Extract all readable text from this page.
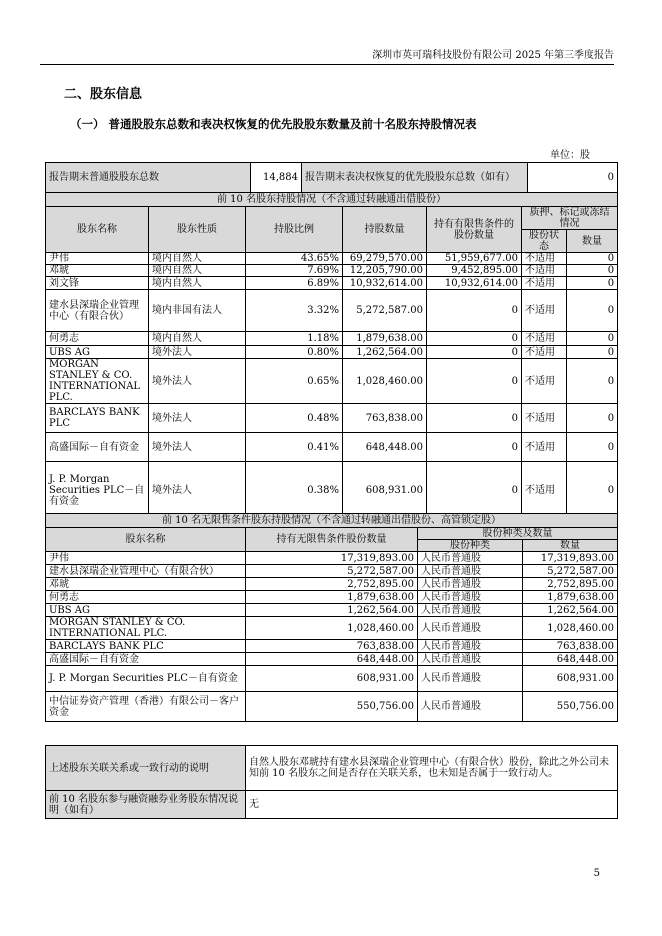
深圳市英可瑞科技股份有限公司 2025 年第三季度报告
二、股东信息
（一） 普通股股东总数和表决权恢复的优先股股东数量及前十名股东持股情况表
单位：股
报告期末普通股股东总数	14,884	报告期末表决权恢复的优先股股东总数（如有）	0
前 10 名股东持股情况（不含通过转融通出借股份）						
股东名称	股东性质	持股比例	持股数量	持有有限售条件的股份数量	质押、标记或冻结情况	
					股份状态	数量
尹伟	境内自然人	43.65%	69,279,570.00	51,959,677.00	不适用	0
邓琥	境内自然人	7.69%	12,205,790.00	9,452,895.00	不适用	0
刘文锋	境内自然人	6.89%	10,932,614.00	10,932,614.00	不适用	0
建水县深瑞企业管理中心（有限合伙）	境内非国有法人	3.32%	5,272,587.00	0	不适用	0
何勇志	境内自然人	1.18%	1,879,638.00	0	不适用	0
UBS AG	境外法人	0.80%	1,262,564.00	0	不适用	0
MORGAN STANLEY & CO. INTERNATIONAL PLC.	境外法人	0.65%	1,028,460.00	0	不适用	0
BARCLAYS BANK PLC	境外法人	0.48%	763,838.00	0	不适用	0
高盛国际－自有资金	境外法人	0.41%	648,448.00	0	不适用	0
J. P. Morgan Securities PLC－自有资金	境外法人	0.38%	608,931.00	0	不适用	0
前 10 名无限售条件股东持股情况（不含通过转融通出借股份、高管锁定股）			
股东名称	持有无限售条件股份数量	股份种类及数量	
		股份种类	数量
尹伟	17,319,893.00	人民币普通股	17,319,893.00
建水县深瑞企业管理中心（有限合伙）	5,272,587.00	人民币普通股	5,272,587.00
邓琥	2,752,895.00	人民币普通股	2,752,895.00
何勇志	1,879,638.00	人民币普通股	1,879,638.00
UBS AG	1,262,564.00	人民币普通股	1,262,564.00
MORGAN STANLEY & CO. INTERNATIONAL PLC.	1,028,460.00	人民币普通股	1,028,460.00
BARCLAYS BANK PLC	763,838.00	人民币普通股	763,838.00
高盛国际－自有资金	648,448.00	人民币普通股	648,448.00
J. P. Morgan Securities PLC－自有资金	608,931.00	人民币普通股	608,931.00
中信证券资产管理（香港）有限公司－客户资金	550,756.00	人民币普通股	550,756.00
上述股东关联关系或一致行动的说明	自然人股东邓琥持有建水县深瑞企业管理中心（有限合伙）股份，除此之外公司未知前 10 名股东之间是否存在关联关系，也未知是否属于一致行动人。
前 10 名股东参与融资融券业务股东情况说明（如有）	无
5
